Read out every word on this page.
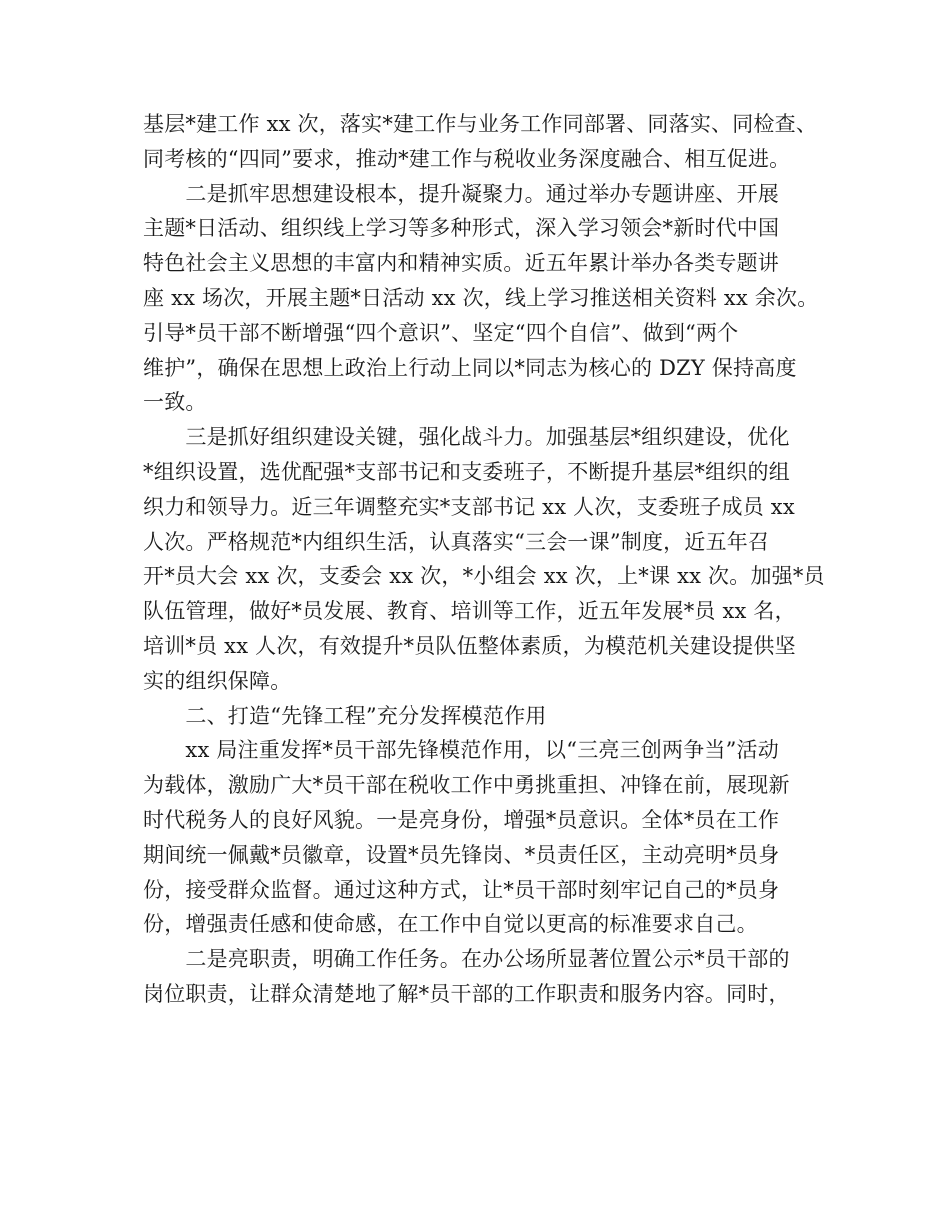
基层*建工作 xx 次，落实*建工作与业务工作同部署、同落实、同检查、
同考核的“四同”要求，推动*建工作与税收业务深度融合、相互促进。
　　二是抓牢思想建设根本，提升凝聚力。通过举办专题讲座、开展
主题*日活动、组织线上学习等多种形式，深入学习领会*新时代中国
特色社会主义思想的丰富内和精神实质。近五年累计举办各类专题讲
座 xx 场次，开展主题*日活动 xx 次，线上学习推送相关资料 xx 余次。
引导*员干部不断增强“四个意识”、坚定“四个自信”、做到“两个
维护”，确保在思想上政治上行动上同以*同志为核心的 DZY 保持高度
一致。
　　三是抓好组织建设关键，强化战斗力。加强基层*组织建设，优化
*组织设置，选优配强*支部书记和支委班子，不断提升基层*组织的组
织力和领导力。近三年调整充实*支部书记 xx 人次，支委班子成员 xx
人次。严格规范*内组织生活，认真落实“三会一课”制度，近五年召
开*员大会 xx 次，支委会 xx 次，*小组会 xx 次，上*课 xx 次。加强*员
队伍管理，做好*员发展、教育、培训等工作，近五年发展*员 xx 名，
培训*员 xx 人次，有效提升*员队伍整体素质，为模范机关建设提供坚
实的组织保障。
　　二、打造“先锋工程”充分发挥模范作用
　　xx 局注重发挥*员干部先锋模范作用，以“三亮三创两争当”活动
为载体，激励广大*员干部在税收工作中勇挑重担、冲锋在前，展现新
时代税务人的良好风貌。一是亮身份，增强*员意识。全体*员在工作
期间统一佩戴*员徽章，设置*员先锋岗、*员责任区，主动亮明*员身
份，接受群众监督。通过这种方式，让*员干部时刻牢记自己的*员身
份，增强责任感和使命感，在工作中自觉以更高的标准要求自己。
　　二是亮职责，明确工作任务。在办公场所显著位置公示*员干部的
岗位职责，让群众清楚地了解*员干部的工作职责和服务内容。同时，
